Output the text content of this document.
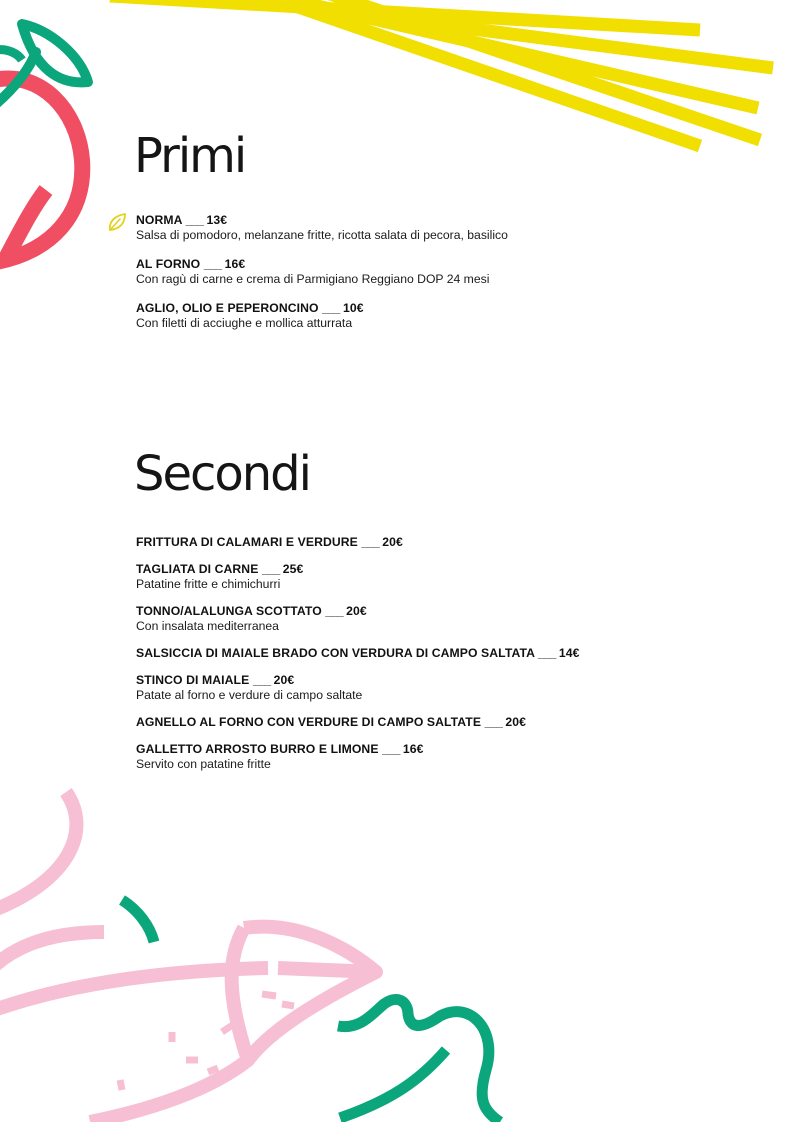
Primi
NORMA ___ 13€
Salsa di pomodoro, melanzane fritte, ricotta salata di pecora, basilico
AL FORNO ___ 16€
Con ragù di carne e crema di Parmigiano Reggiano DOP 24 mesi
AGLIO, OLIO E PEPERONCINO ___ 10€
Con filetti di acciughe e mollica atturrata
Secondi
FRITTURA DI CALAMARI E VERDURE ___ 20€
TAGLIATA DI CARNE ___ 25€
Patatine fritte e chimichurri
TONNO/ALALUNGA SCOTTATO ___ 20€
Con insalata mediterranea
SALSICCIA DI MAIALE BRADO CON VERDURA DI CAMPO SALTATA ___ 14€
STINCO DI MAIALE ___ 20€
Patate al forno e verdure di campo saltate
AGNELLO AL FORNO CON VERDURE DI CAMPO SALTATE ___ 20€
GALLETTO ARROSTO BURRO E LIMONE ___ 16€
Servito con patatine fritte
